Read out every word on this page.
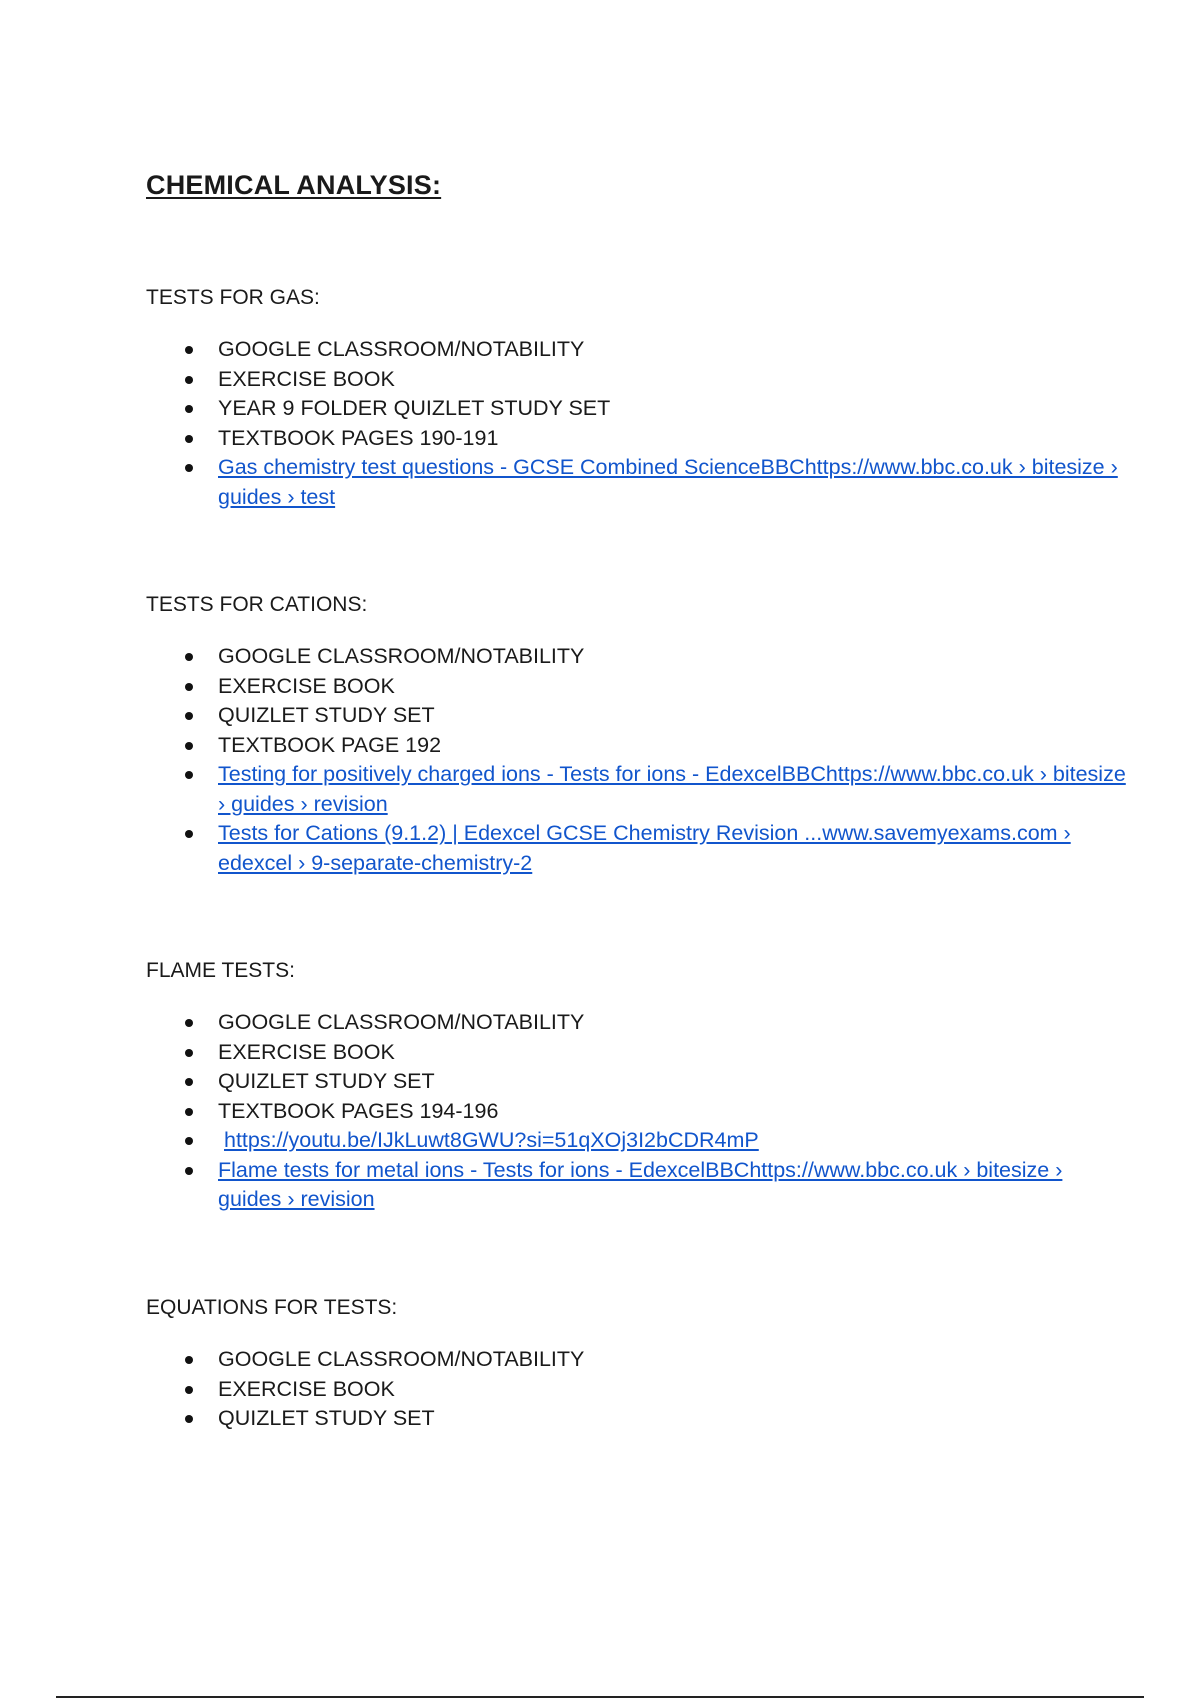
CHEMICAL ANALYSIS:
TESTS FOR GAS:
GOOGLE CLASSROOM/NOTABILITY
EXERCISE BOOK
YEAR 9 FOLDER QUIZLET STUDY SET
TEXTBOOK PAGES 190-191
Gas chemistry test questions - GCSE Combined ScienceBBChttps://www.bbc.co.uk › bitesize › guides › test
TESTS FOR CATIONS:
GOOGLE CLASSROOM/NOTABILITY
EXERCISE BOOK
QUIZLET STUDY SET
TEXTBOOK PAGE 192
Testing for positively charged ions - Tests for ions - EdexcelBBChttps://www.bbc.co.uk › bitesize › guides › revision
Tests for Cations (9.1.2) | Edexcel GCSE Chemistry Revision ...www.savemyexams.com › edexcel › 9-separate-chemistry-2
FLAME TESTS:
GOOGLE CLASSROOM/NOTABILITY
EXERCISE BOOK
QUIZLET STUDY SET
TEXTBOOK PAGES 194-196
https://youtu.be/IJkLuwt8GWU?si=51qXOj3I2bCDR4mP
Flame tests for metal ions - Tests for ions - EdexcelBBChttps://www.bbc.co.uk › bitesize › guides › revision
EQUATIONS FOR TESTS:
GOOGLE CLASSROOM/NOTABILITY
EXERCISE BOOK
QUIZLET STUDY SET
